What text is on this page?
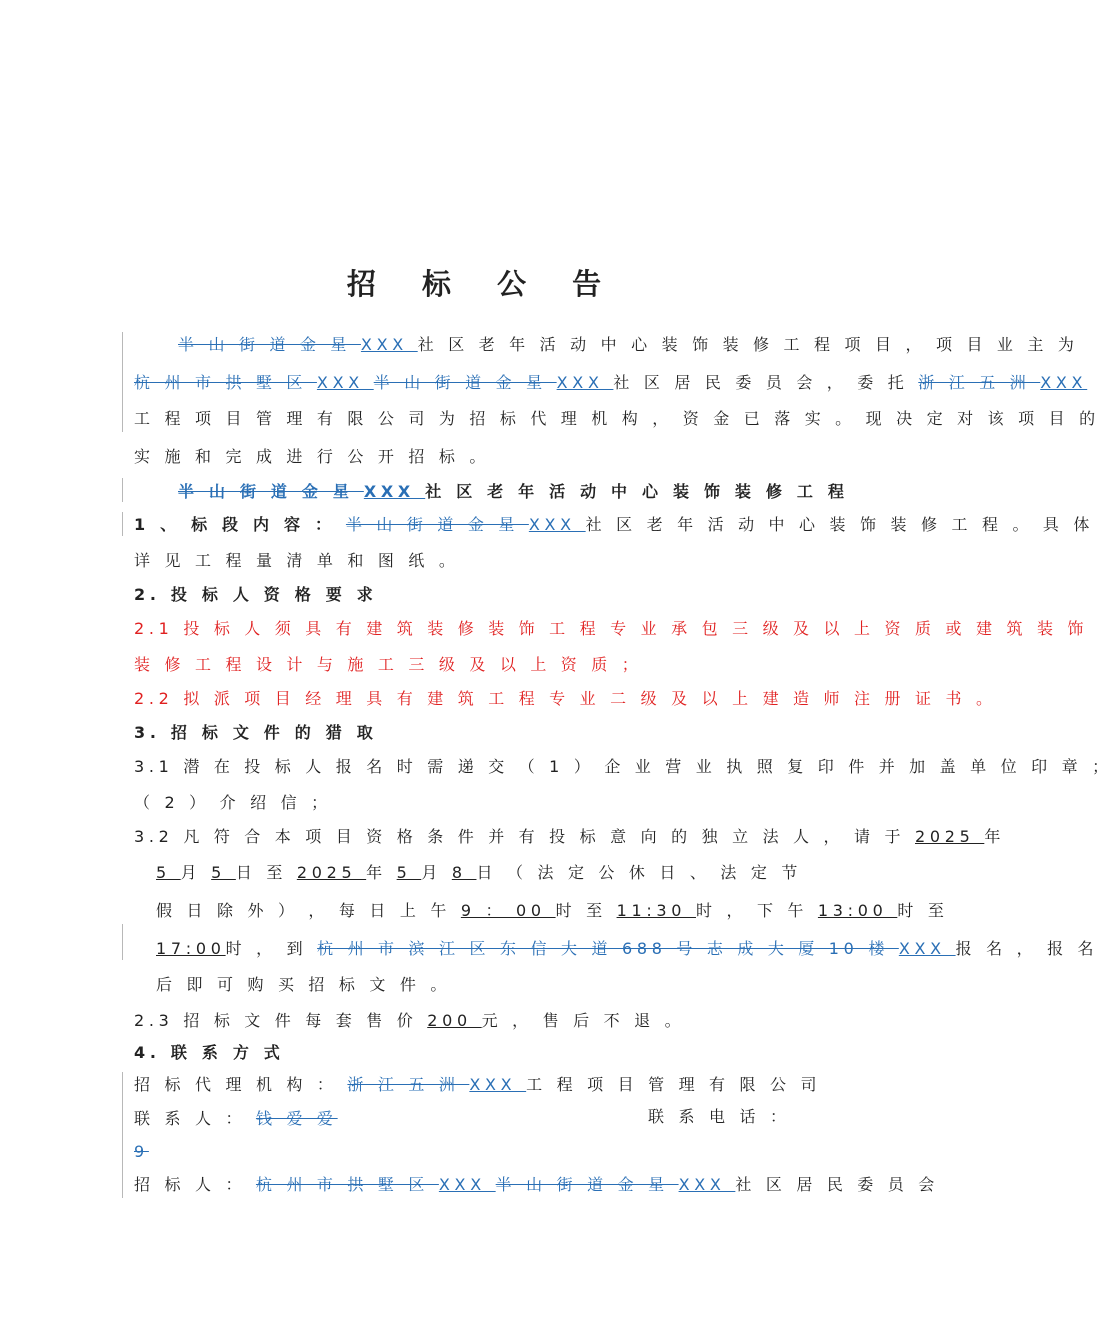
招 标 公 告
半 山 街 道 金 星 XXX 社 区 老 年 活 动 中 心 装 饰 装 修 工 程 项 目 ， 项 目 业 主 为
杭 州 市 拱 墅 区 XXX 半 山 街 道 金 星 XXX 社 区 居 民 委 员 会 ， 委 托 浙 江 五 洲 XXX
工 程 项 目 管 理 有 限 公 司 为 招 标 代 理 机 构 ， 资 金 已 落 实 。 现 决 定 对 该 项 目 的
实 施 和 完 成 进 行 公 开 招 标 。
半 山 街 道 金 星 XXX 社 区 老 年 活 动 中 心 装 饰 装 修 工 程
1 、 标 段 内 容 ： 半 山 街 道 金 星 XXX 社 区 老 年 活 动 中 心 装 饰 装 修 工 程 。 具 体
详 见 工 程 量 清 单 和 图 纸 。
2. 投 标 人 资 格 要 求
2.1 投 标 人 须 具 有 建 筑 装 修 装 饰 工 程 专 业 承 包 三 级 及 以 上 资 质 或 建 筑 装 饰
装 修 工 程 设 计 与 施 工 三 级 及 以 上 资 质 ；
2.2 拟 派 项 目 经 理 具 有 建 筑 工 程 专 业 二 级 及 以 上 建 造 师 注 册 证 书 。
3. 招 标 文 件 的 猎 取
3.1 潜 在 投 标 人 报 名 时 需 递 交 （ 1 ） 企 业 营 业 执 照 复 印 件 并 加 盖 单 位 印 章 ；
（ 2 ） 介 绍 信 ；
3.2 凡 符 合 本 项 目 资 格 条 件 并 有 投 标 意 向 的 独 立 法 人 ， 请 于 2025 年
5 月 5 日 至 2025 年 5 月 8 日 （ 法 定 公 休 日 、 法 定 节
假 日 除 外 ） ， 每 日 上 午 9 ： 00 时 至 11:30 时 ， 下 午 13:00 时 至
17:00时 ， 到 杭 州 市 滨 江 区 东 信 大 道 688 号 志 成 大 厦 10 楼 XXX 报 名 ， 报 名
后 即 可 购 买 招 标 文 件 。
2.3 招 标 文 件 每 套 售 价 200 元 ， 售 后 不 退 。
4. 联 系 方 式
招 标 代 理 机 构 ： 浙 江 五 洲 XXX 工 程 项 目 管 理 有 限 公 司
联 系 人 ： 钱 爱 爱
9
招 标 人 ： 杭 州 市 拱 墅 区 XXX 半 山 街 道 金 星 XXX 社 区 居 民 委 员 会
联 系 电 话 ：
